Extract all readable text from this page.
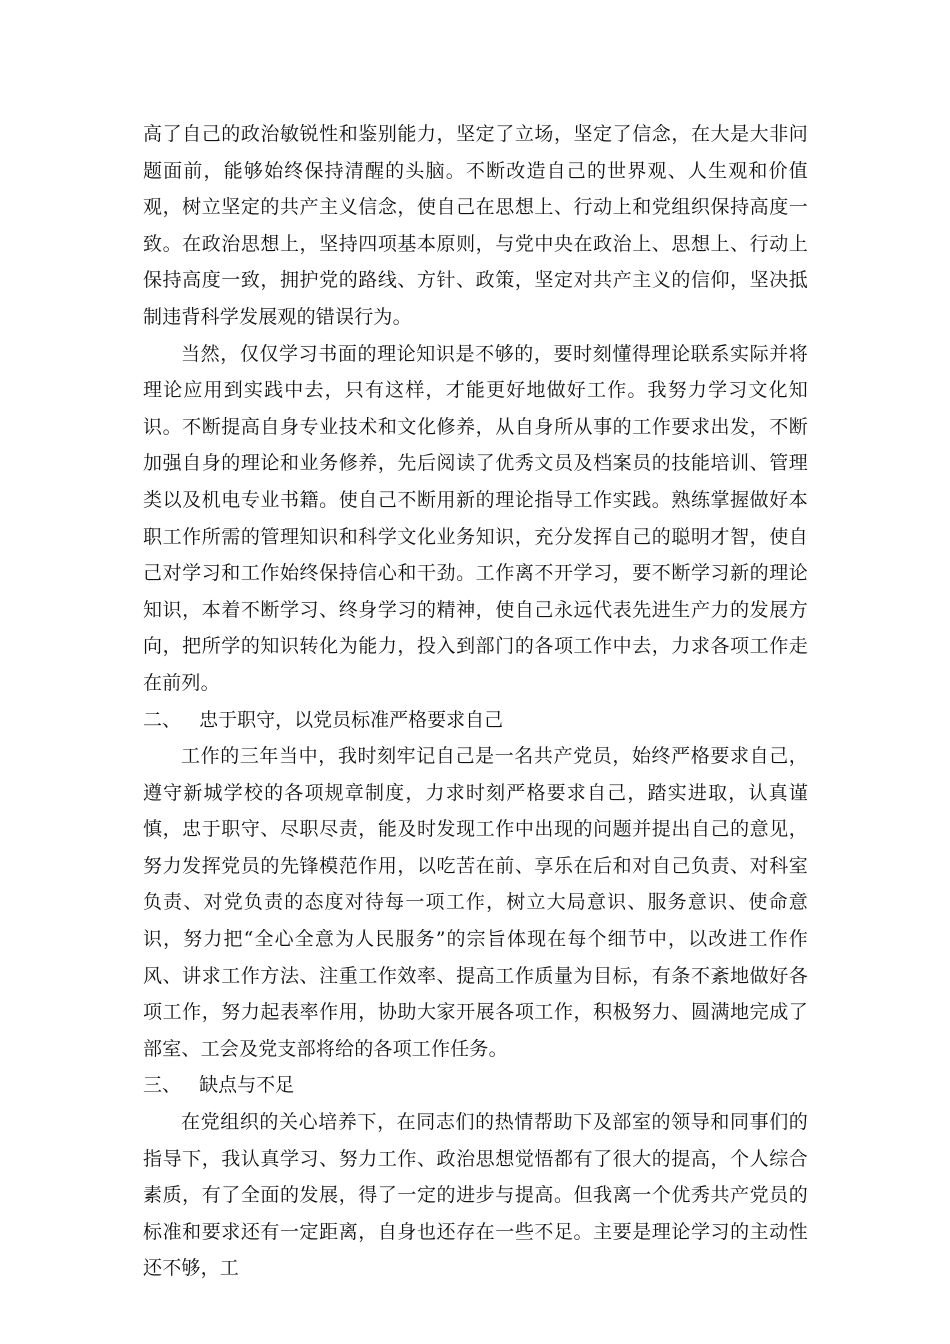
高了自己的政治敏锐性和鉴别能力，坚定了立场，坚定了信念，在大是大非问题面前，能够始终保持清醒的头脑。不断改造自己的世界观、人生观和价值观，树立坚定的共产主义信念，使自己在思想上、行动上和党组织保持高度一致。在政治思想上，坚持四项基本原则，与党中央在政治上、思想上、行动上保持高度一致，拥护党的路线、方针、政策，坚定对共产主义的信仰，坚决抵制违背科学发展观的错误行为。

当然，仅仅学习书面的理论知识是不够的，要时刻懂得理论联系实际并将理论应用到实践中去，只有这样，才能更好地做好工作。我努力学习文化知识。不断提高自身专业技术和文化修养，从自身所从事的工作要求出发，不断加强自身的理论和业务修养，先后阅读了优秀文员及档案员的技能培训、管理类以及机电专业书籍。使自己不断用新的理论指导工作实践。熟练掌握做好本职工作所需的管理知识和科学文化业务知识，充分发挥自己的聪明才智，使自己对学习和工作始终保持信心和干劲。工作离不开学习，要不断学习新的理论知识，本着不断学习、终身学习的精神，使自己永远代表先进生产力的发展方向，把所学的知识转化为能力，投入到部门的各项工作中去，力求各项工作走在前列。

二、   忠于职守，以党员标准严格要求自己

工作的三年当中，我时刻牢记自己是一名共产党员，始终严格要求自己，遵守新城学校的各项规章制度，力求时刻严格要求自己，踏实进取，认真谨慎，忠于职守、尽职尽责，能及时发现工作中出现的问题并提出自己的意见，努力发挥党员的先锋模范作用，以吃苦在前、享乐在后和对自己负责、对科室负责、对党负责的态度对待每一项工作，树立大局意识、服务意识、使命意识，努力把“全心全意为人民服务”的宗旨体现在每个细节中，以改进工作作风、讲求工作方法、注重工作效率、提高工作质量为目标，有条不紊地做好各项工作，努力起表率作用，协助大家开展各项工作，积极努力、圆满地完成了部室、工会及党支部将给的各项工作任务。

三、   缺点与不足

在党组织的关心培养下，在同志们的热情帮助下及部室的领导和同事们的指导下，我认真学习、努力工作、政治思想觉悟都有了很大的提高，个人综合素质，有了全面的发展，得了一定的进步与提高。但我离一个优秀共产党员的标准和要求还有一定距离，自身也还存在一些不足。主要是理论学习的主动性还不够，工
